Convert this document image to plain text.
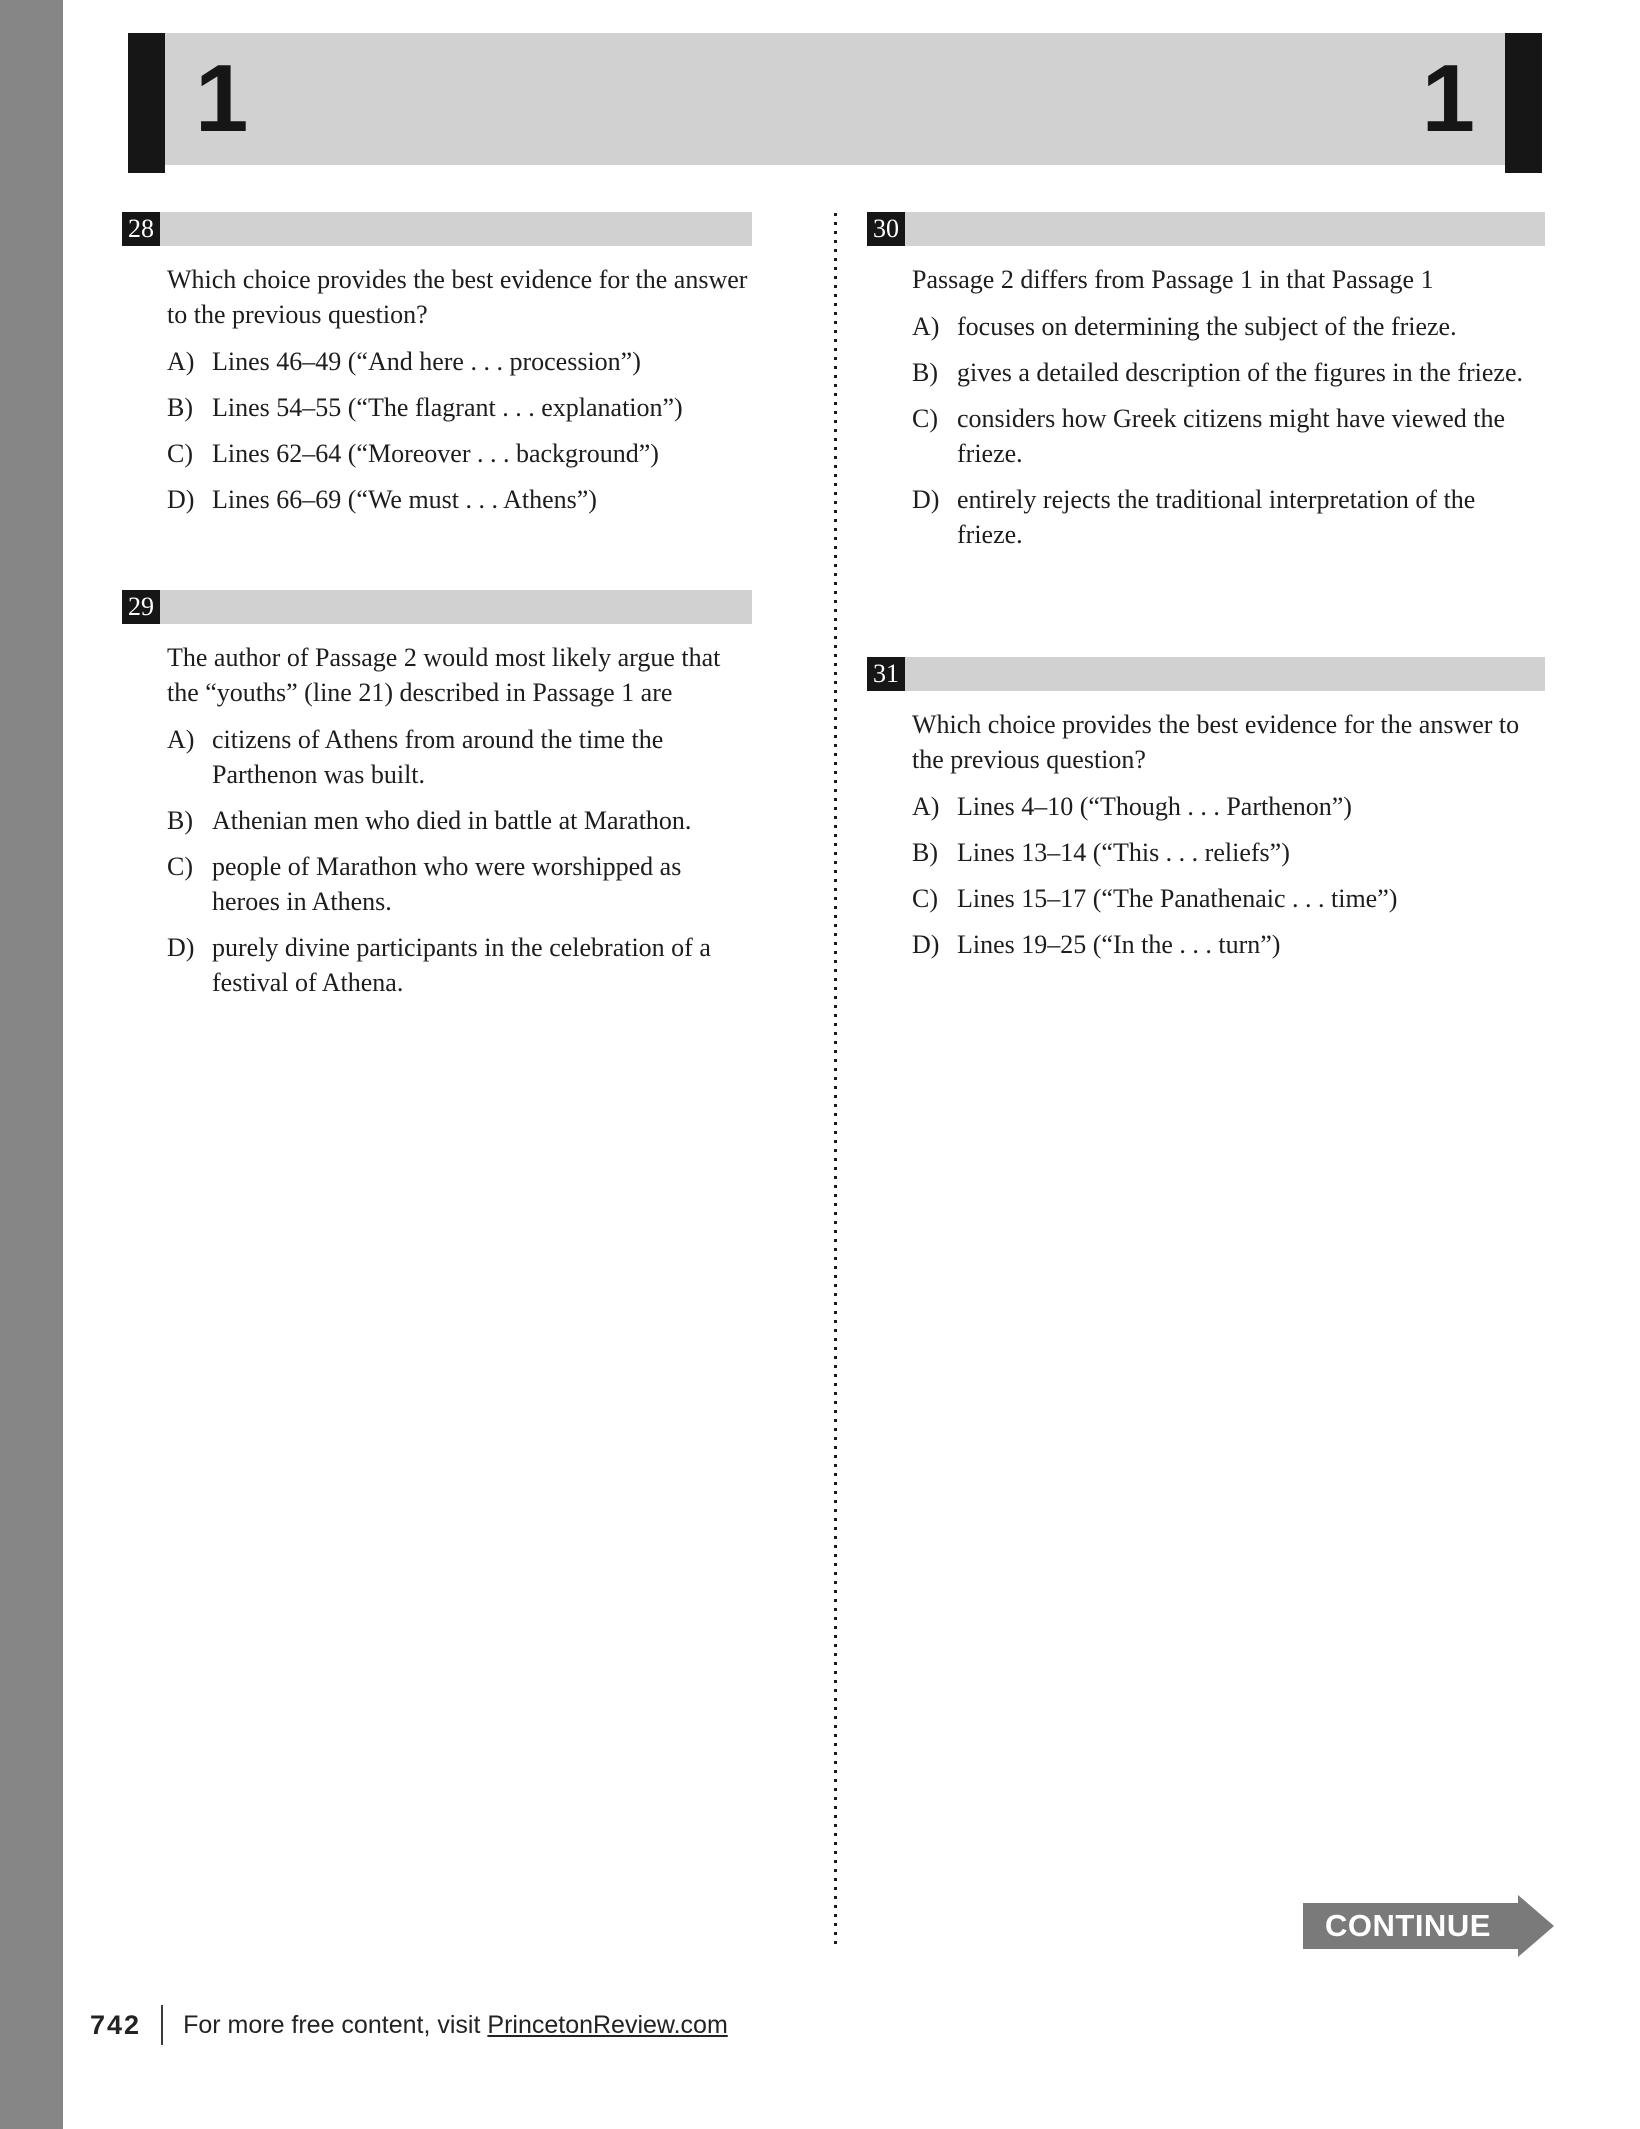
1	1
28

Which choice provides the best evidence for the answer to the previous question?

A) Lines 46–49 (“And here . . . procession”)
B) Lines 54–55 (“The flagrant . . . explanation”)
C) Lines 62–64 (“Moreover . . . background”)
D) Lines 66–69 (“We must . . . Athens”)
29

The author of Passage 2 would most likely argue that the “youths” (line 21) described in Passage 1 are

A) citizens of Athens from around the time the Parthenon was built.
B) Athenian men who died in battle at Marathon.
C) people of Marathon who were worshipped as heroes in Athens.
D) purely divine participants in the celebration of a festival of Athena.
30

Passage 2 differs from Passage 1 in that Passage 1

A) focuses on determining the subject of the frieze.
B) gives a detailed description of the figures in the frieze.
C) considers how Greek citizens might have viewed the frieze.
D) entirely rejects the traditional interpretation of the frieze.
31

Which choice provides the best evidence for the answer to the previous question?

A) Lines 4–10 (“Though . . . Parthenon”)
B) Lines 13–14 (“This . . . reliefs”)
C) Lines 15–17 (“The Panathenaic . . . time”)
D) Lines 19–25 (“In the . . . turn”)
CONTINUE
742 For more free content, visit PrincetonReview.com
